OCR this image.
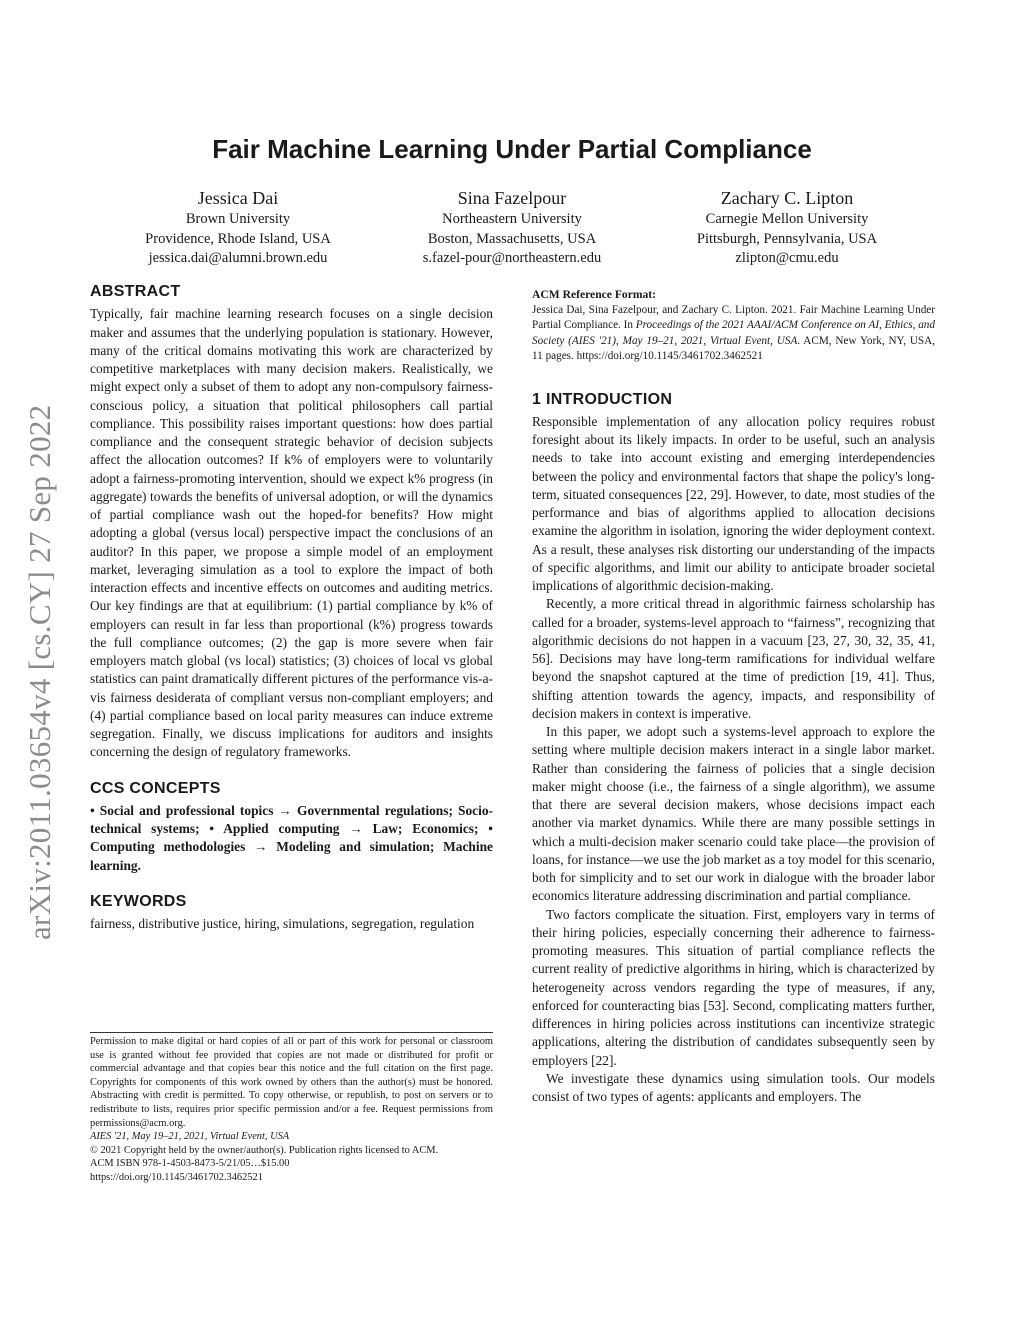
Fair Machine Learning Under Partial Compliance
Jessica Dai
Brown University
Providence, Rhode Island, USA
jessica.dai@alumni.brown.edu
Sina Fazelpour
Northeastern University
Boston, Massachusetts, USA
s.fazel-pour@northeastern.edu
Zachary C. Lipton
Carnegie Mellon University
Pittsburgh, Pennsylvania, USA
zlipton@cmu.edu
arXiv:2011.03654v4 [cs.CY] 27 Sep 2022
ABSTRACT

Typically, fair machine learning research focuses on a single decision maker and assumes that the underlying population is stationary. However, many of the critical domains motivating this work are characterized by competitive marketplaces with many decision makers. Realistically, we might expect only a subset of them to adopt any non-compulsory fairness-conscious policy, a situation that political philosophers call partial compliance. This possibility raises important questions: how does partial compliance and the consequent strategic behavior of decision subjects affect the allocation outcomes? If k% of employers were to voluntarily adopt a fairness-promoting intervention, should we expect k% progress (in aggregate) towards the benefits of universal adoption, or will the dynamics of partial compliance wash out the hoped-for benefits? How might adopting a global (versus local) perspective impact the conclusions of an auditor? In this paper, we propose a simple model of an employment market, leveraging simulation as a tool to explore the impact of both interaction effects and incentive effects on outcomes and auditing metrics. Our key findings are that at equilibrium: (1) partial compliance by k% of employers can result in far less than proportional (k%) progress towards the full compliance outcomes; (2) the gap is more severe when fair employers match global (vs local) statistics; (3) choices of local vs global statistics can paint dramatically different pictures of the performance vis-a-vis fairness desiderata of compliant versus non-compliant employers; and (4) partial compliance based on local parity measures can induce extreme segregation. Finally, we discuss implications for auditors and insights concerning the design of regulatory frameworks.

CCS CONCEPTS

• Social and professional topics → Governmental regulations; Socio-technical systems; • Applied computing → Law; Economics; • Computing methodologies → Modeling and simulation; Machine learning.

KEYWORDS

fairness, distributive justice, hiring, simulations, segregation, regulation

Permission to make digital or hard copies of all or part of this work for personal or classroom use is granted without fee provided that copies are not made or distributed for profit or commercial advantage and that copies bear this notice and the full citation on the first page. Copyrights for components of this work owned by others than the author(s) must be honored. Abstracting with credit is permitted. To copy otherwise, or republish, to post on servers or to redistribute to lists, requires prior specific permission and/or a fee. Request permissions from permissions@acm.org.
AIES '21, May 19–21, 2021, Virtual Event, USA
© 2021 Copyright held by the owner/author(s). Publication rights licensed to ACM.
ACM ISBN 978-1-4503-8473-5/21/05…$15.00
https://doi.org/10.1145/3461702.3462521
ACM Reference Format:
Jessica Dai, Sina Fazelpour, and Zachary C. Lipton. 2021. Fair Machine Learning Under Partial Compliance. In Proceedings of the 2021 AAAI/ACM Conference on AI, Ethics, and Society (AIES '21), May 19–21, 2021, Virtual Event, USA. ACM, New York, NY, USA, 11 pages. https://doi.org/10.1145/3461702.3462521
1 INTRODUCTION

Responsible implementation of any allocation policy requires robust foresight about its likely impacts. In order to be useful, such an analysis needs to take into account existing and emerging interdependencies between the policy and environmental factors that shape the policy's long-term, situated consequences [22, 29]. However, to date, most studies of the performance and bias of algorithms applied to allocation decisions examine the algorithm in isolation, ignoring the wider deployment context. As a result, these analyses risk distorting our understanding of the impacts of specific algorithms, and limit our ability to anticipate broader societal implications of algorithmic decision-making.

Recently, a more critical thread in algorithmic fairness scholarship has called for a broader, systems-level approach to “fairness”, recognizing that algorithmic decisions do not happen in a vacuum [23, 27, 30, 32, 35, 41, 56]. Decisions may have long-term ramifications for individual welfare beyond the snapshot captured at the time of prediction [19, 41]. Thus, shifting attention towards the agency, impacts, and responsibility of decision makers in context is imperative.

In this paper, we adopt such a systems-level approach to explore the setting where multiple decision makers interact in a single labor market. Rather than considering the fairness of policies that a single decision maker might choose (i.e., the fairness of a single algorithm), we assume that there are several decision makers, whose decisions impact each another via market dynamics. While there are many possible settings in which a multi-decision maker scenario could take place—the provision of loans, for instance—we use the job market as a toy model for this scenario, both for simplicity and to set our work in dialogue with the broader labor economics literature addressing discrimination and partial compliance.

Two factors complicate the situation. First, employers vary in terms of their hiring policies, especially concerning their adherence to fairness-promoting measures. This situation of partial compliance reflects the current reality of predictive algorithms in hiring, which is characterized by heterogeneity across vendors regarding the type of measures, if any, enforced for counteracting bias [53]. Second, complicating matters further, differences in hiring policies across institutions can incentivize strategic applications, altering the distribution of candidates subsequently seen by employers [22].

We investigate these dynamics using simulation tools. Our models consist of two types of agents: applicants and employers. The
